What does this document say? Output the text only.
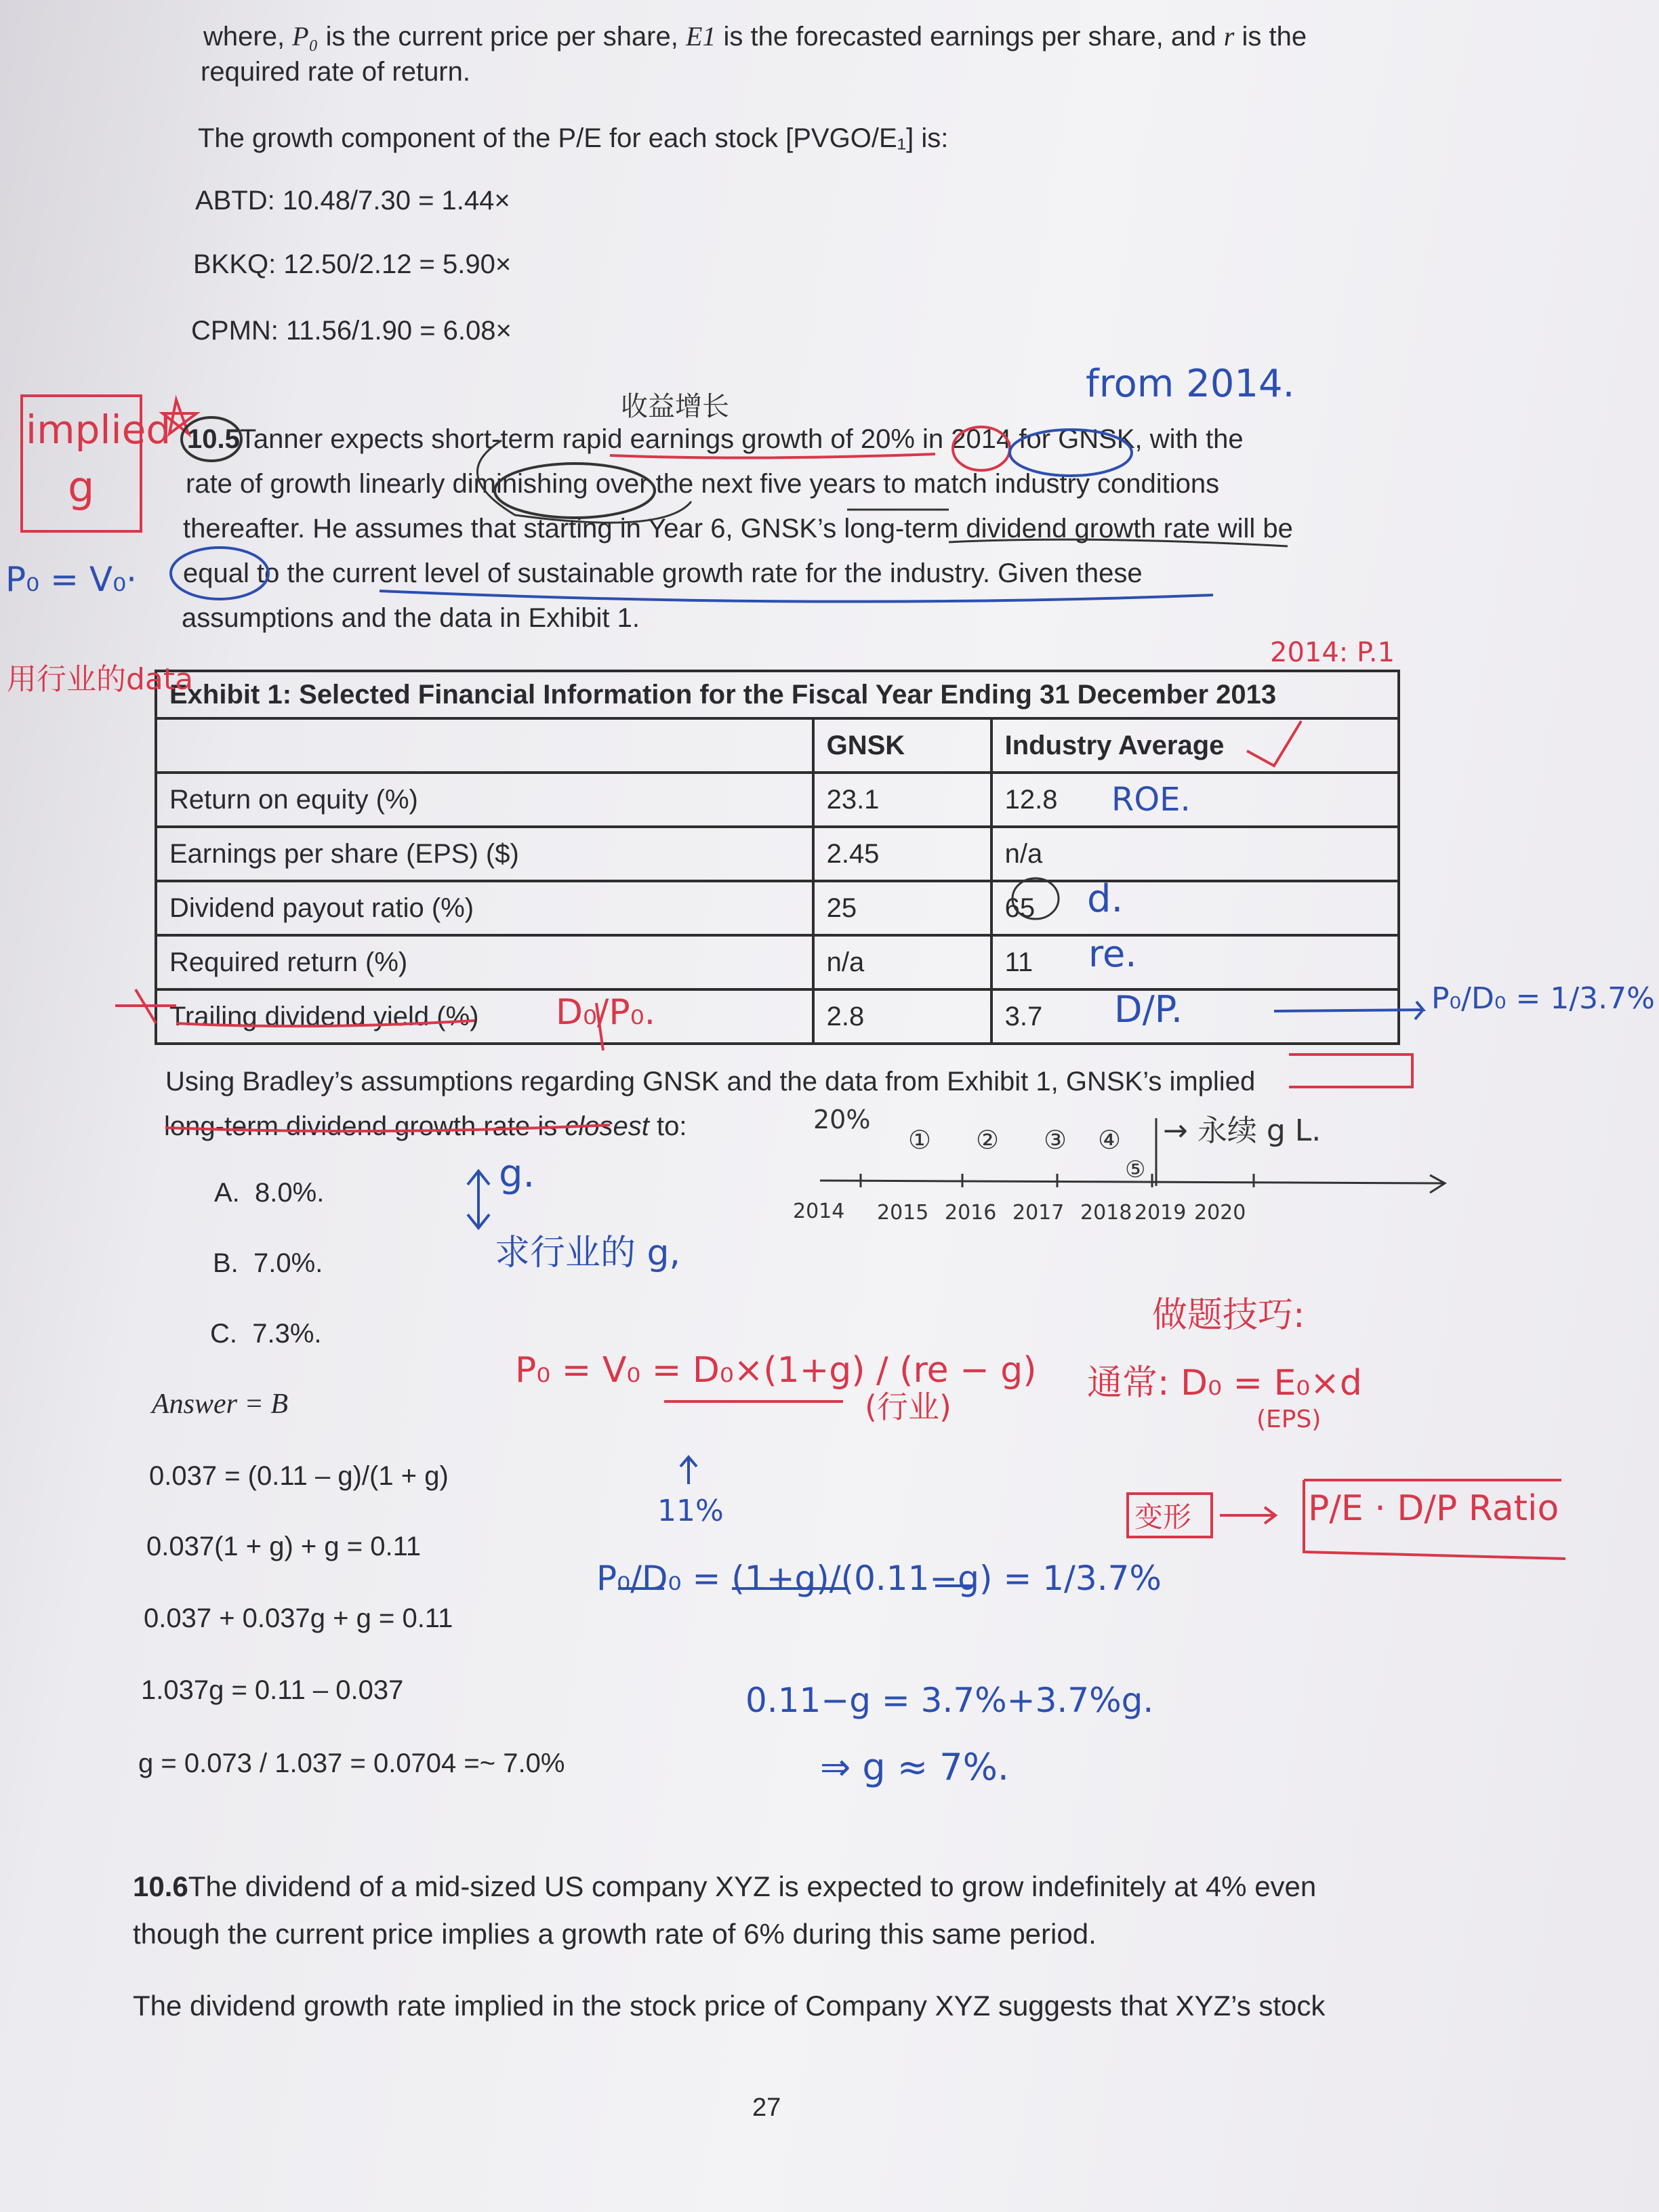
where, P₀ is the current price per share, E1 is the forecasted earnings per share, and r is the
required rate of return.
The growth component of the P/E for each stock [PVGO/E₁] is:
ABTD: 10.48/7.30 = 1.44×
BKKQ: 12.50/2.12 = 5.90×
CPMN: 11.56/1.90 = 6.08×
10.5Tanner expects short-term rapid earnings growth of 20% in 2014 for GNSK, with the
rate of growth linearly diminishing over the next five years to match industry conditions
thereafter. He assumes that starting in Year 6, GNSK’s long-term dividend growth rate will be
equal to the current level of sustainable growth rate for the industry. Given these
assumptions and the data in Exhibit 1.
Exhibit 1: Selected Financial Information for the Fiscal Year Ending 31 December 2013		
	GNSK	Industry Average
Return on equity (%)	23.1	12.8
Earnings per share (EPS) ($)	2.45	n/a
Dividend payout ratio (%)	25	65
Required return (%)	n/a	11
Trailing dividend yield (%)	2.8	3.7
Using Bradley’s assumptions regarding GNSK and the data from Exhibit 1, GNSK’s implied
long-term dividend growth rate is closest to:
A. 8.0%.
B. 7.0%.
C. 7.3%.
Answer = B
0.037 = (0.11 – g)/(1 + g)
0.037(1 + g) + g = 0.11
0.037 + 0.037g + g = 0.11
1.037g = 0.11 – 0.037
g = 0.073 / 1.037 = 0.0704 =~ 7.0%
10.6The dividend of a mid-sized US company XYZ is expected to grow indefinitely at 4% even
though the current price implies a growth rate of 6% during this same period.
The dividend growth rate implied in the stock price of Company XYZ suggests that XYZ’s stock
27
implied
g
P₀ = V₀·
用行业的data
收益增长
from 2014.
2014: P.1
ROE.
d.
re.
D/P.
D₀/P₀.	P₀/D₀ = 1/3.7%
g.
求行业的 g,
20%
① ② ③ ④
⑤
→ 永续 g L.
2014 2015 2016 2017 2018 2019 2020
做题技巧:
通常: D₀ = E₀×d
(EPS)
变形	P/E · D/P Ratio
P₀ = V₀ = D₀×(1+g) / (re − g)
(行业)
11%
P₀/D₀ = (1+g)/(0.11−g) = 1/3.7%
0.11−g = 3.7%+3.7%g.
⇒ g ≈ 7%.
